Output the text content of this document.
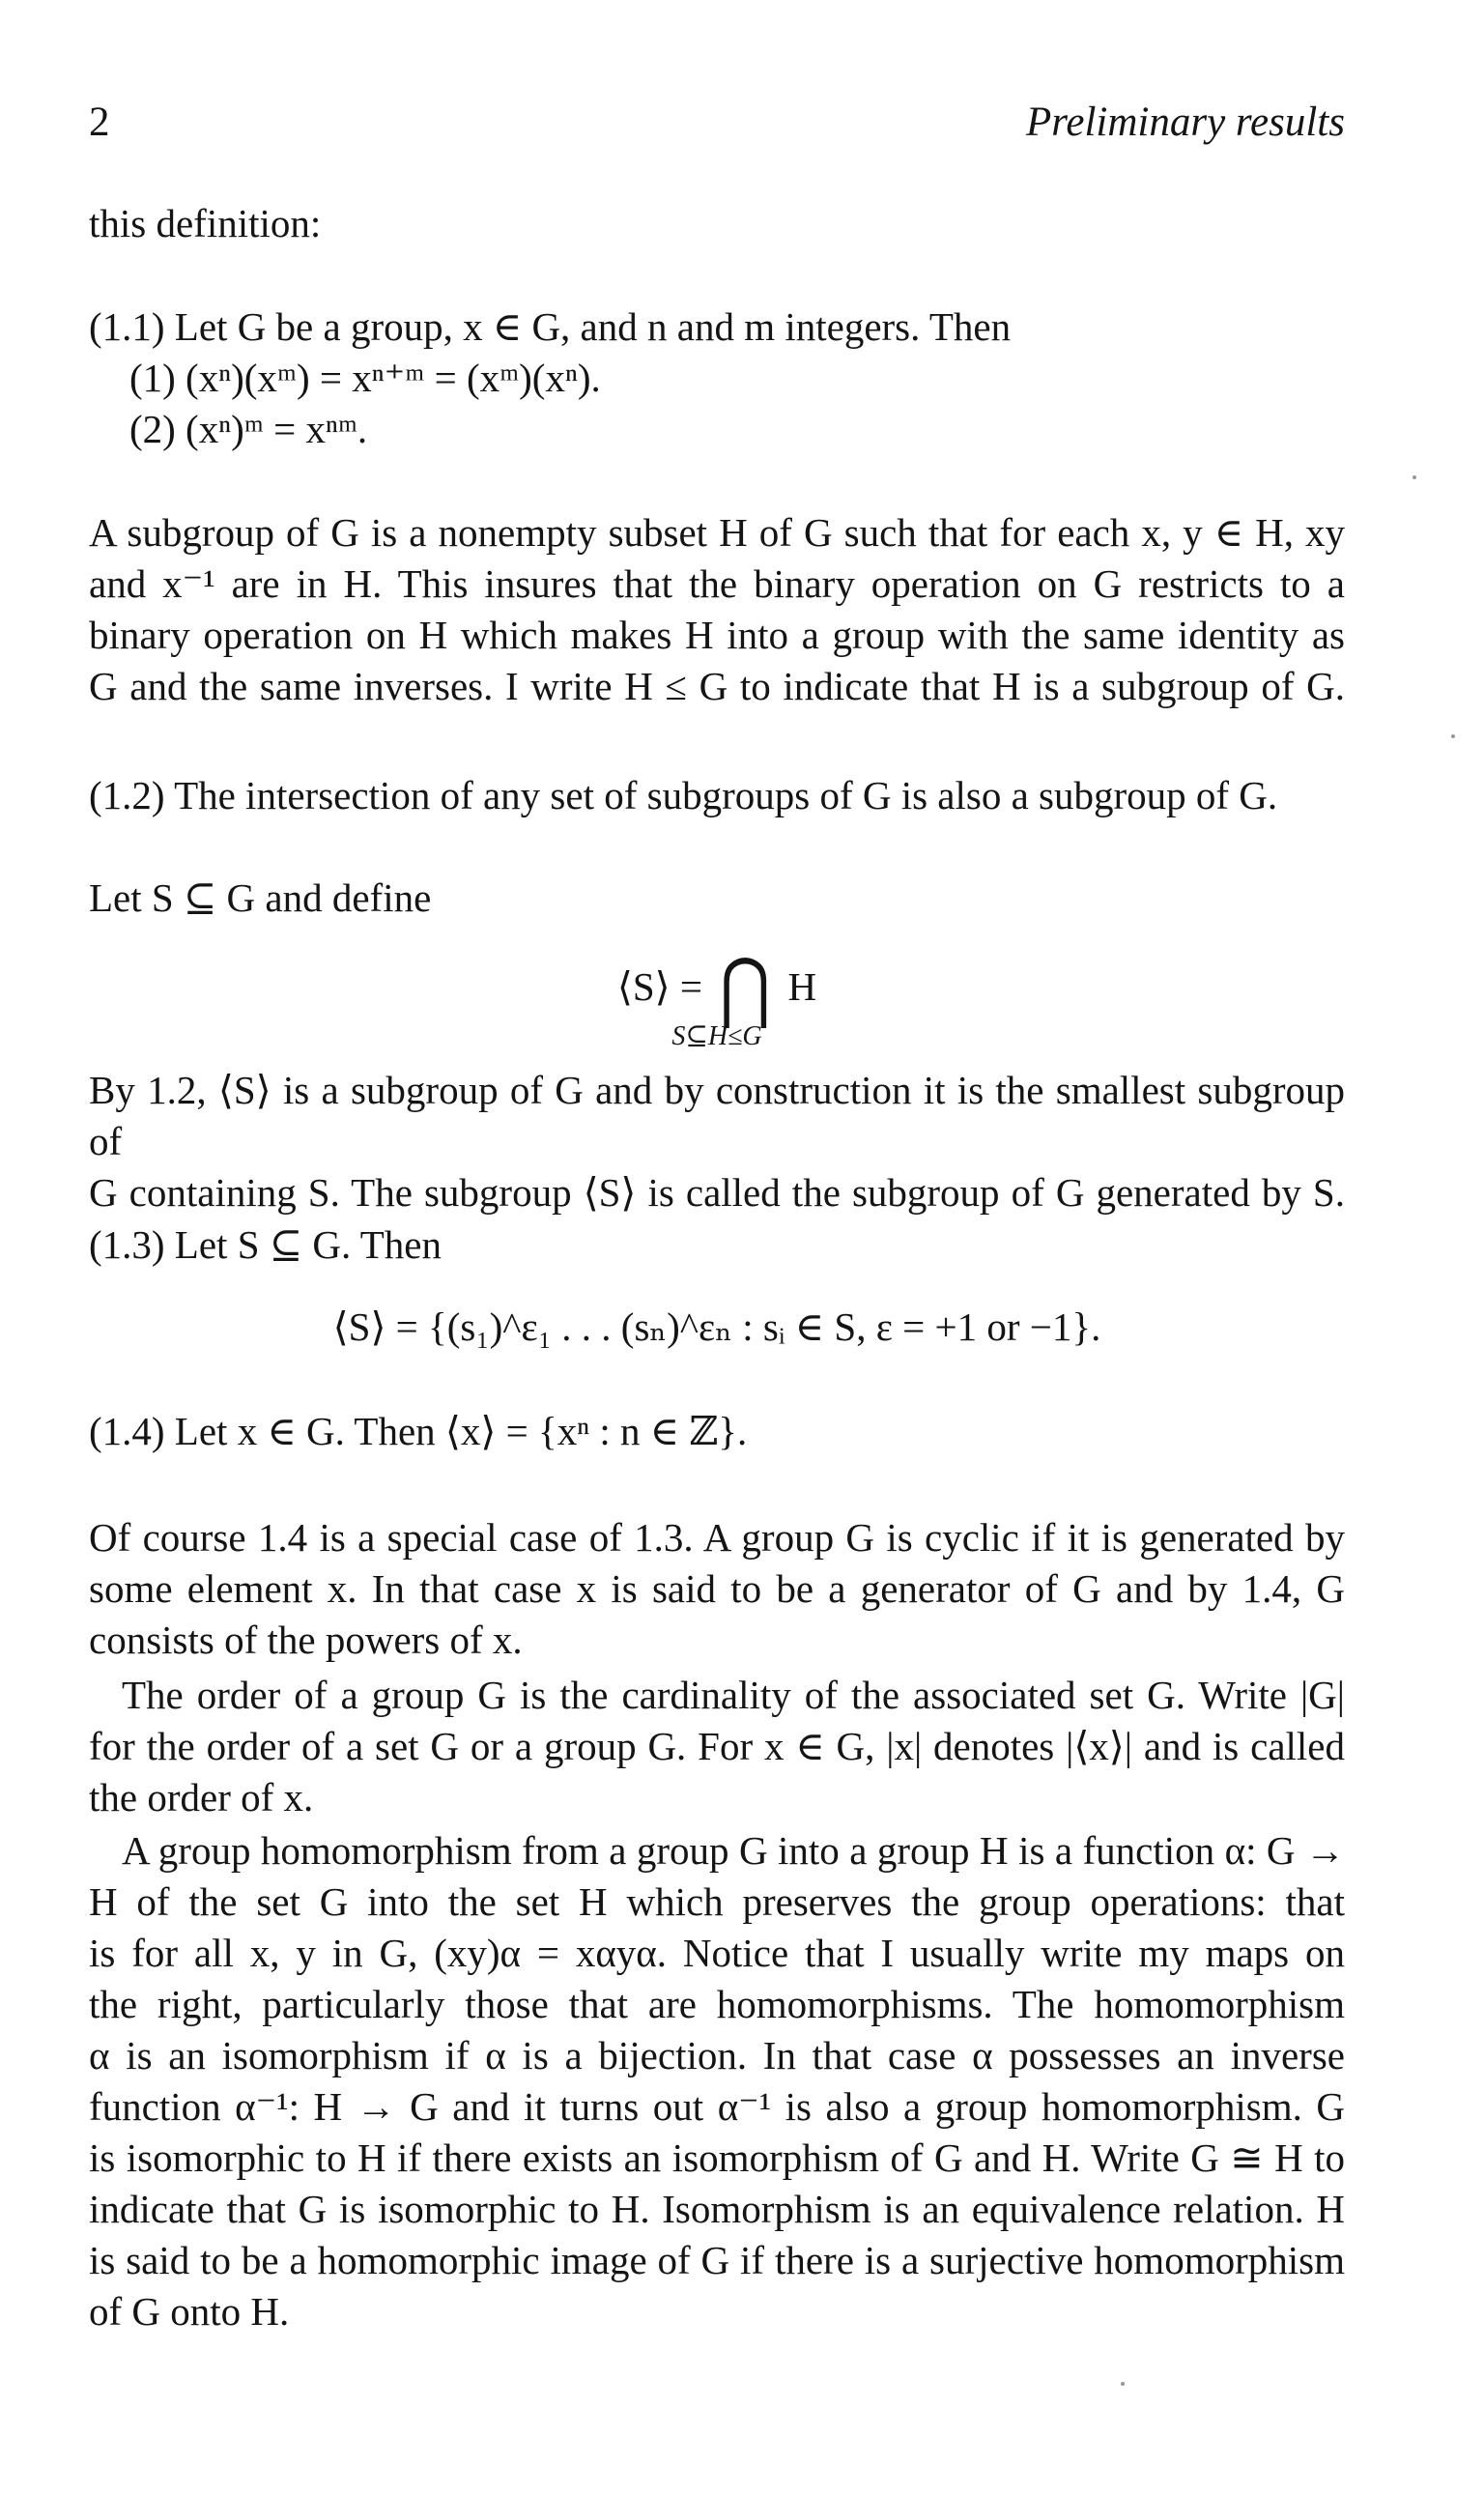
2	Preliminary results
this definition:
(1.1) Let G be a group, x ∈ G, and n and m integers. Then
(1) (xⁿ)(xᵐ) = xⁿ⁺ᵐ = (xᵐ)(xⁿ).
(2) (xⁿ)ᵐ = xⁿᵐ.
A subgroup of G is a nonempty subset H of G such that for each x, y ∈ H, xy
and x⁻¹ are in H. This insures that the binary operation on G restricts to a
binary operation on H which makes H into a group with the same identity as
G and the same inverses. I write H ≤ G to indicate that H is a subgroup of G.
(1.2) The intersection of any set of subgroups of G is also a subgroup of G.
Let S ⊆ G and define
⟨S⟩ = ⋂ H
S⊆H≤G
By 1.2, ⟨S⟩ is a subgroup of G and by construction it is the smallest subgroup of
G containing S. The subgroup ⟨S⟩ is called the subgroup of G generated by S.
(1.3) Let S ⊆ G. Then
⟨S⟩ = {(s₁)^ε₁ . . . (sₙ)^εₙ : sᵢ ∈ S, ε = +1 or −1}.
(1.4) Let x ∈ G. Then ⟨x⟩ = {xⁿ : n ∈ ℤ}.
Of course 1.4 is a special case of 1.3. A group G is cyclic if it is generated by
some element x. In that case x is said to be a generator of G and by 1.4, G
consists of the powers of x.
The order of a group G is the cardinality of the associated set G. Write |G|
for the order of a set G or a group G. For x ∈ G, |x| denotes |⟨x⟩| and is called
the order of x.
A group homomorphism from a group G into a group H is a function α: G →
H of the set G into the set H which preserves the group operations: that
is for all x, y in G, (xy)α = xαyα. Notice that I usually write my maps on
the right, particularly those that are homomorphisms. The homomorphism
α is an isomorphism if α is a bijection. In that case α possesses an inverse
function α⁻¹: H → G and it turns out α⁻¹ is also a group homomorphism. G
is isomorphic to H if there exists an isomorphism of G and H. Write G ≅ H to
indicate that G is isomorphic to H. Isomorphism is an equivalence relation. H
is said to be a homomorphic image of G if there is a surjective homomorphism
of G onto H.
